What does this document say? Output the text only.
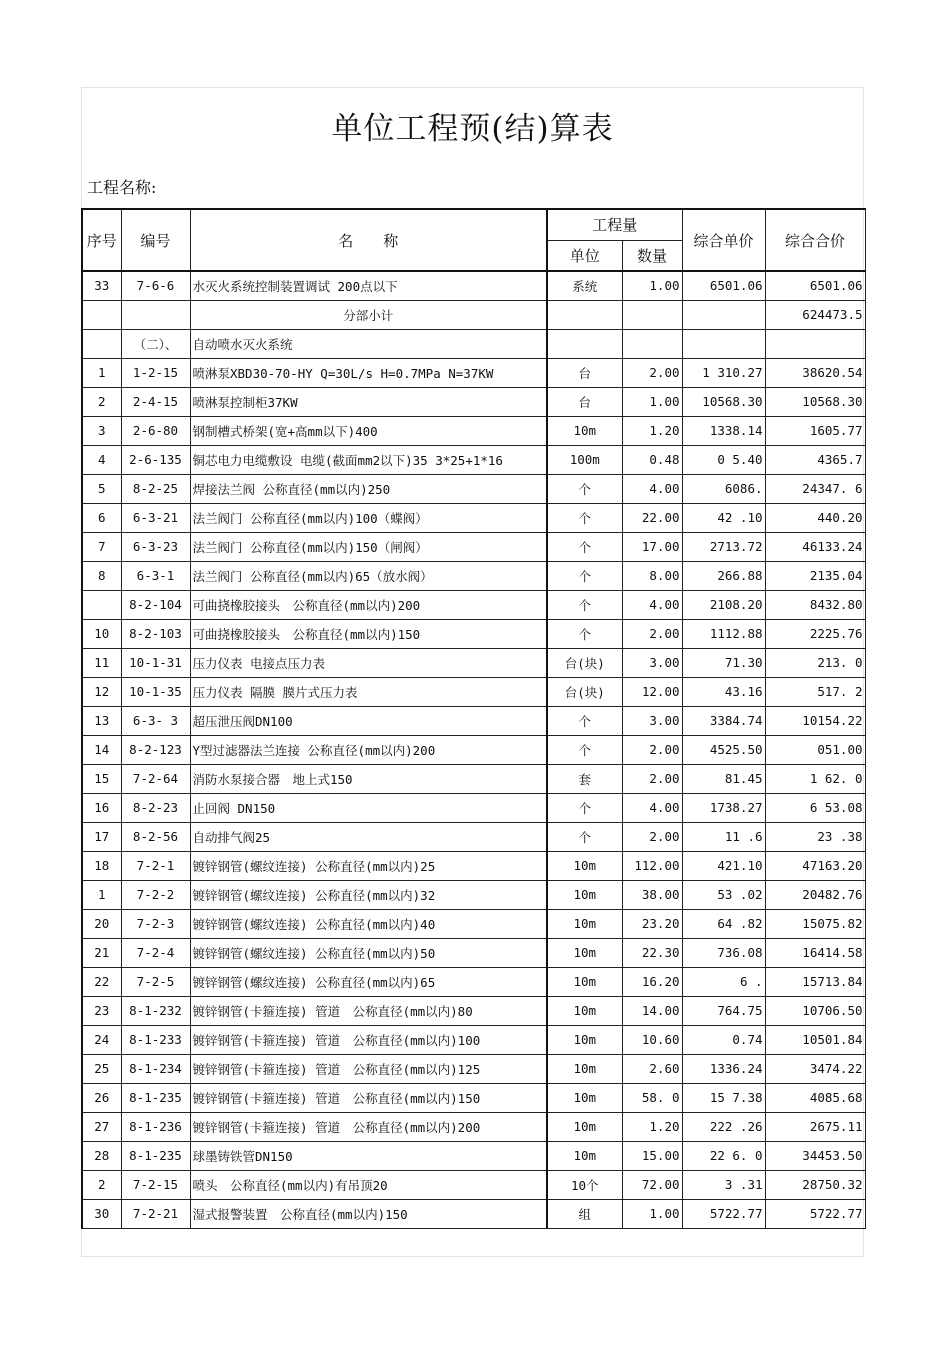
单位工程预(结)算表
工程名称:
序号	编号	名　　称	工程量		综合单价	综合合价
			单位	数量		
33	7-6-6	水灭火系统控制装置调试 200点以下	系统	1.00	6501.06	6501.06
		分部小计				624473.5
	（二）、	自动喷水灭火系统				
1	1-2-15	喷淋泵XBD30-70-HY Q=30L/s H=0.7MPa N=37KW	台	2.00	1 310.27	38620.54
2	2-4-15	喷淋泵控制柜37KW	台	1.00	10568.30	10568.30
3	2-6-80	钢制槽式桥架(宽+高mm以下)400	10m	1.20	1338.14	1605.77
4	2-6-135	铜芯电力电缆敷设 电缆(截面mm2以下)35 3*25+1*16	100m	0.48	0 5.40	4365.7
5	8-2-25	焊接法兰阀 公称直径(mm以内)250	个	4.00	6086.	24347. 6
6	6-3-21	法兰阀门 公称直径(mm以内)100（蝶阀）	个	22.00	42 .10	440.20
7	6-3-23	法兰阀门 公称直径(mm以内)150（闸阀）	个	17.00	2713.72	46133.24
8	6-3-1	法兰阀门 公称直径(mm以内)65（放水阀）	个	8.00	266.88	2135.04
	8-2-104	可曲挠橡胶接头　公称直径(mm以内)200	个	4.00	2108.20	8432.80
10	8-2-103	可曲挠橡胶接头　公称直径(mm以内)150	个	2.00	1112.88	2225.76
11	10-1-31	压力仪表 电接点压力表	台(块)	3.00	71.30	213. 0
12	10-1-35	压力仪表 隔膜 膜片式压力表	台(块)	12.00	43.16	517. 2
13	6-3- 3	超压泄压阀DN100	个	3.00	3384.74	10154.22
14	8-2-123	Y型过滤器法兰连接 公称直径(mm以内)200	个	2.00	4525.50	051.00
15	7-2-64	消防水泵接合器　地上式150	套	2.00	81.45	1 62. 0
16	8-2-23	止回阀 DN150	个	4.00	1738.27	6 53.08
17	8-2-56	自动排气阀25	个	2.00	11 .6	23 .38
18	7-2-1	镀锌钢管(螺纹连接) 公称直径(mm以内)25	10m	112.00	421.10	47163.20
1	7-2-2	镀锌钢管(螺纹连接) 公称直径(mm以内)32	10m	38.00	53 .02	20482.76
20	7-2-3	镀锌钢管(螺纹连接) 公称直径(mm以内)40	10m	23.20	64 .82	15075.82
21	7-2-4	镀锌钢管(螺纹连接) 公称直径(mm以内)50	10m	22.30	736.08	16414.58
22	7-2-5	镀锌钢管(螺纹连接) 公称直径(mm以内)65	10m	16.20	6 .	15713.84
23	8-1-232	镀锌钢管(卡箍连接) 管道　公称直径(mm以内)80	10m	14.00	764.75	10706.50
24	8-1-233	镀锌钢管(卡箍连接) 管道　公称直径(mm以内)100	10m	10.60	0.74	10501.84
25	8-1-234	镀锌钢管(卡箍连接) 管道　公称直径(mm以内)125	10m	2.60	1336.24	3474.22
26	8-1-235	镀锌钢管(卡箍连接) 管道　公称直径(mm以内)150	10m	58. 0	15 7.38	4085.68
27	8-1-236	镀锌钢管(卡箍连接) 管道　公称直径(mm以内)200	10m	1.20	222 .26	2675.11
28	8-1-235	球墨铸铁管DN150	10m	15.00	22 6. 0	34453.50
2	7-2-15	喷头　公称直径(mm以内)有吊顶20	10个	72.00	3 .31	28750.32
30	7-2-21	湿式报警装置　公称直径(mm以内)150	组	1.00	5722.77	5722.77
